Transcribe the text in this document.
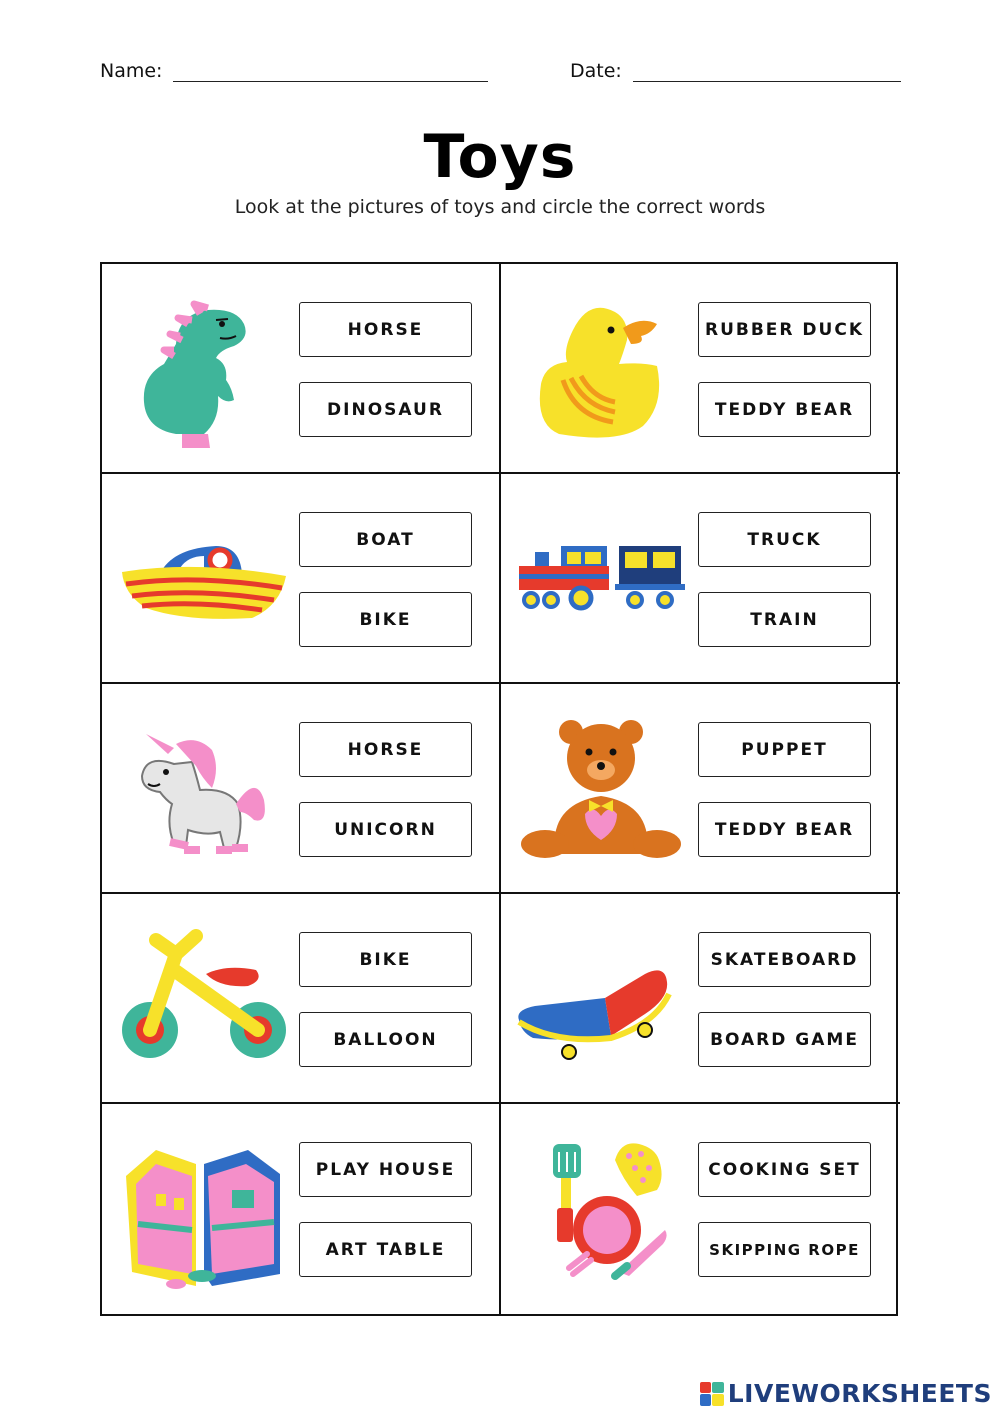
Name:	Date:
Toys

Look at the pictures of toys and circle the correct words

HORSE
DINOSAUR
RUBBER DUCK
TEDDY BEAR
BOAT
BIKE
TRUCK
TRAIN
HORSE
UNICORN
PUPPET
TEDDY BEAR
BIKE
BALLOON
SKATEBOARD
BOARD GAME
PLAY HOUSE
ART TABLE
COOKING SET
SKIPPING ROPE
LIVEWORKSHEETS
